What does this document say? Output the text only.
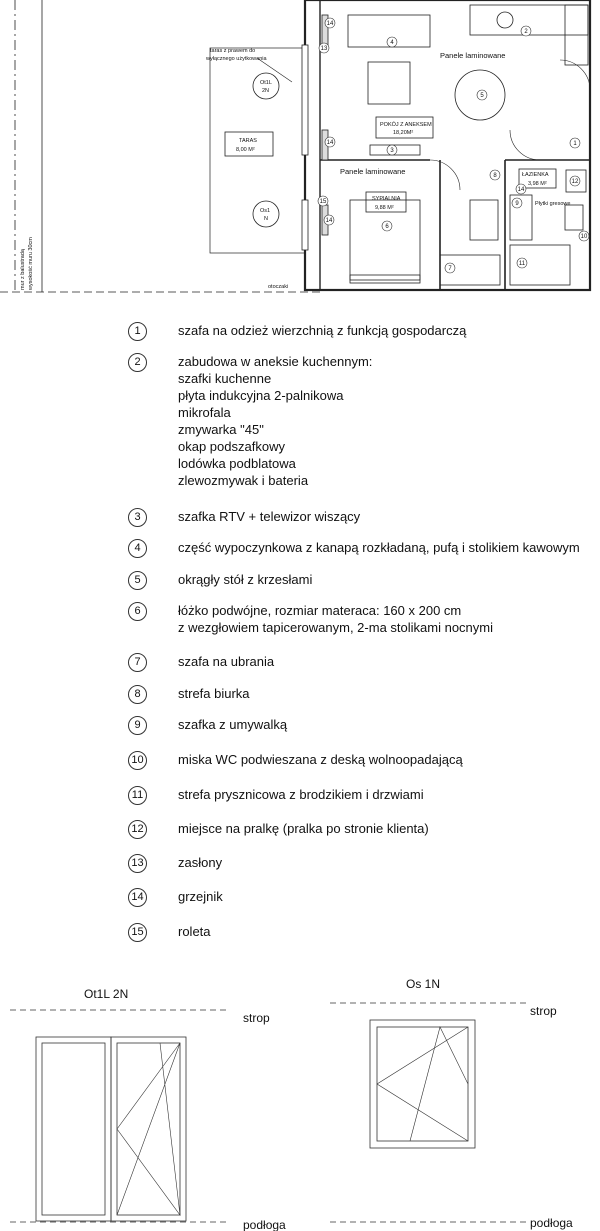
1
2
3
4
5
6
7
8
9
10
11
12
13
14
14
14
14
15
mur z balustradą wysokość muru 30cm
taras z prawem do
wyłącznego użytkowania
TARAS
8,00 M²
POKÓJ Z ANEKSEM
18,20M²
SYPIALNIA
9,88 M²
ŁAZIENKA
3,98 M²
Płytki gresowe
Ot1L
2N
Os1
N
otoczaki
Panele laminowane
Panele laminowane
1	szafa na odzież wierzchnią z funkcją gospodarczą
2	zabudowa w aneksie kuchennym:
szafki kuchenne
płyta indukcyjna 2-palnikowa
mikrofala
zmywarka "45"
okap podszafkowy
lodówka podblatowa
zlewozmywak i bateria
3	szafka RTV + telewizor wiszący
4	część wypoczynkowa z kanapą rozkładaną, pufą i stolikiem kawowym
5	okrągły stół z krzesłami
6	łóżko podwójne, rozmiar materaca: 160 x 200 cm
z wezgłowiem tapicerowanym, 2-ma stolikami nocnymi
7	szafa na ubrania
8	strefa biurka
9	szafka z umywalką
10	miska WC podwieszana z deską wolnoopadającą
11	strefa prysznicowa z brodzikiem i drzwiami
12	miejsce na pralkę (pralka po stronie klienta)
13	zasłony
14	grzejnik
15	roleta
Ot1L 2N
Os 1N
strop
podłoga
strop
podłoga
